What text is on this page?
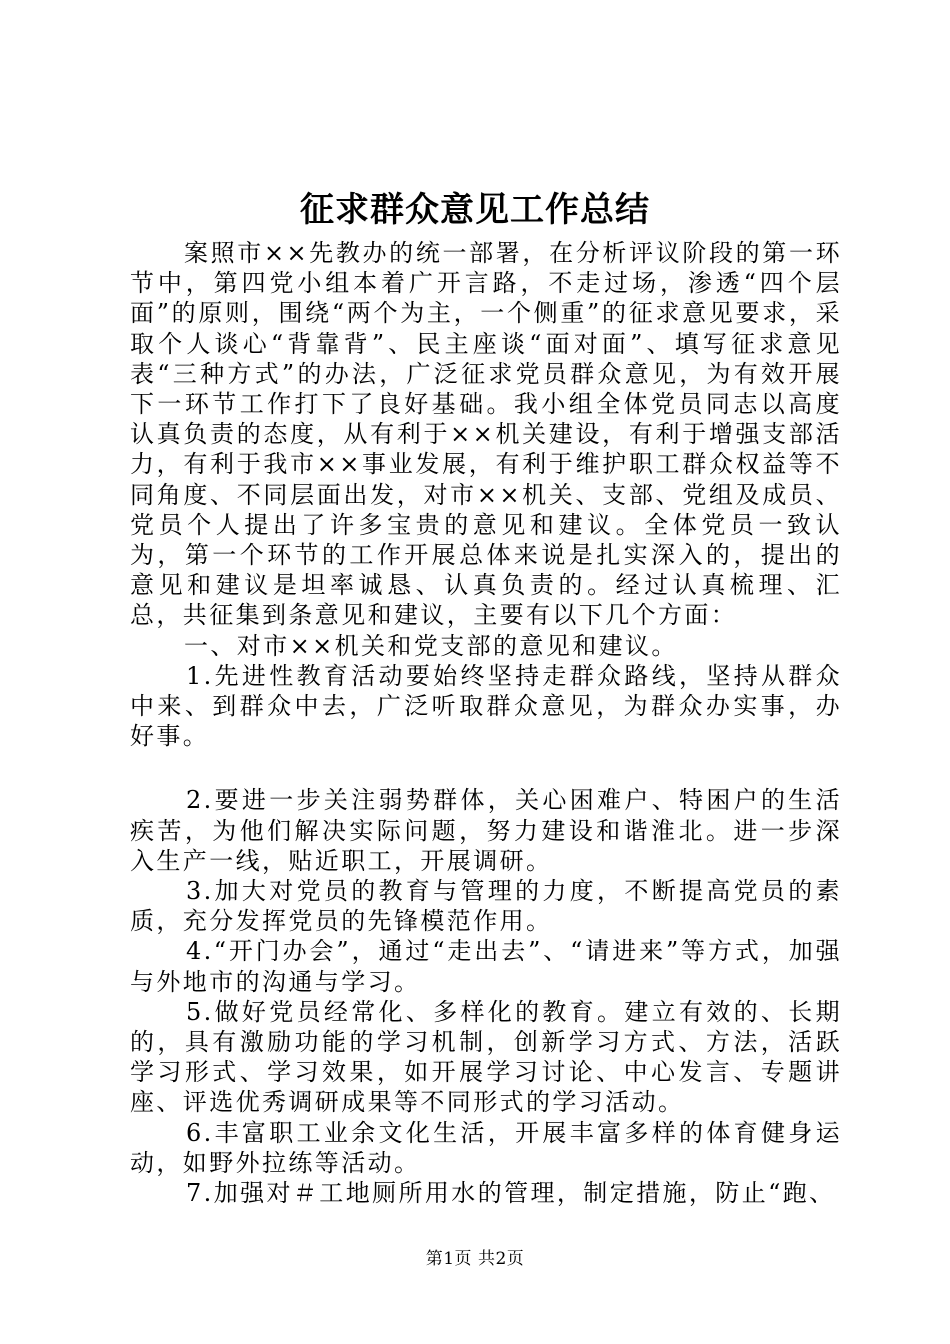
征求群众意见工作总结

案照市××先教办的统一部署，在分析评议阶段的第一环节中，第四党小组本着广开言路，不走过场，渗透“四个层面”的原则，围绕“两个为主，一个侧重”的征求意见要求，采取个人谈心“背靠背”、民主座谈“面对面”、填写征求意见表“三种方式”的办法，广泛征求党员群众意见，为有效开展下一环节工作打下了良好基础。我小组全体党员同志以高度认真负责的态度，从有利于××机关建设，有利于增强支部活力，有利于我市××事业发展，有利于维护职工群众权益等不同角度、不同层面出发，对市××机关、支部、党组及成员、党员个人提出了许多宝贵的意见和建议。全体党员一致认为，第一个环节的工作开展总体来说是扎实深入的，提出的意见和建议是坦率诚恳、认真负责的。经过认真梳理、汇总，共征集到条意见和建议，主要有以下几个方面：

一、对市××机关和党支部的意见和建议。

1.先进性教育活动要始终坚持走群众路线，坚持从群众中来、到群众中去，广泛听取群众意见，为群众办实事，办好事。

2.要进一步关注弱势群体，关心困难户、特困户的生活疾苦，为他们解决实际问题，努力建设和谐淮北。进一步深入生产一线，贴近职工，开展调研。

3.加大对党员的教育与管理的力度，不断提高党员的素质，充分发挥党员的先锋模范作用。

4.“开门办会”，通过“走出去”、“请进来”等方式，加强与外地市的沟通与学习。

5.做好党员经常化、多样化的教育。建立有效的、长期的，具有激励功能的学习机制，创新学习方式、方法，活跃学习形式、学习效果，如开展学习讨论、中心发言、专题讲座、评选优秀调研成果等不同形式的学习活动。

6.丰富职工业余文化生活，开展丰富多样的体育健身运动，如野外拉练等活动。

7.加强对＃工地厕所用水的管理，制定措施，防止“跑、

第1页 共2页
